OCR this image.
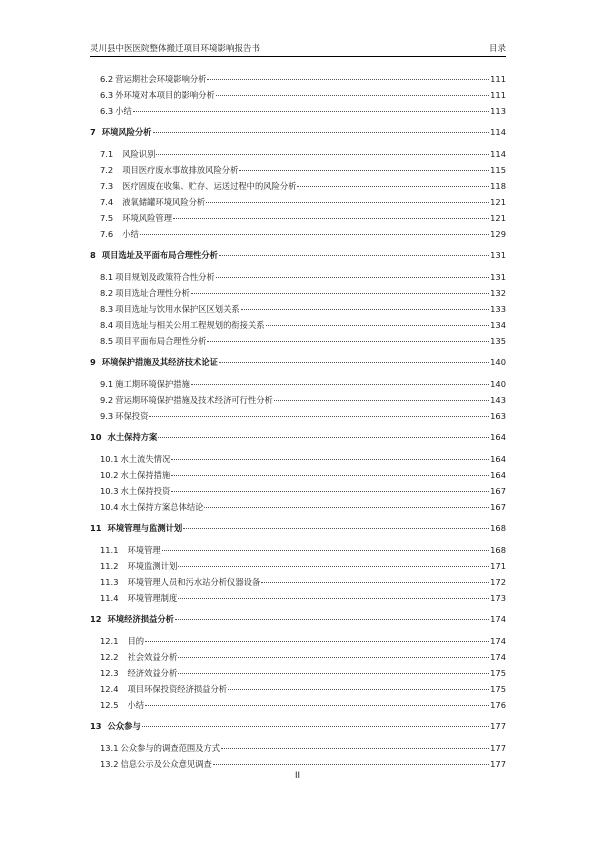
灵川县中医医院整体搬迁项目环境影响报告书	目录
6.2 营运期社会环境影响分析	111
6.3 外环境对本项目的影响分析	111
6.3 小结	113
7 环境风险分析	114
7.1 风险识别	114
7.2 项目医疗废水事故排放风险分析	115
7.3 医疗固废在收集、贮存、运送过程中的风险分析	118
7.4 液氧储罐环境风险分析	121
7.5 环境风险管理	121
7.6 小结	129
8 项目选址及平面布局合理性分析	131
8.1 项目规划及政策符合性分析	131
8.2 项目选址合理性分析	132
8.3 项目选址与饮用水保护区区划关系	133
8.4 项目选址与相关公用工程规划的衔接关系	134
8.5 项目平面布局合理性分析	135
9 环境保护措施及其经济技术论证	140
9.1 施工期环境保护措施	140
9.2 营运期环境保护措施及技术经济可行性分析	143
9.3 环保投资	163
10 水土保持方案	164
10.1 水土流失情况	164
10.2 水土保持措施	164
10.3 水土保持投资	167
10.4 水土保持方案总体结论	167
11 环境管理与监测计划	168
11.1 环境管理	168
11.2 环境监测计划	171
11.3 环境管理人员和污水站分析仪器设备	172
11.4 环境管理制度	173
12 环境经济损益分析	174
12.1 目的	174
12.2 社会效益分析	174
12.3 经济效益分析	175
12.4 项目环保投资经济损益分析	175
12.5 小结	176
13 公众参与	177
13.1 公众参与的调查范围及方式	177
13.2 信息公示及公众意见调查	177
II
